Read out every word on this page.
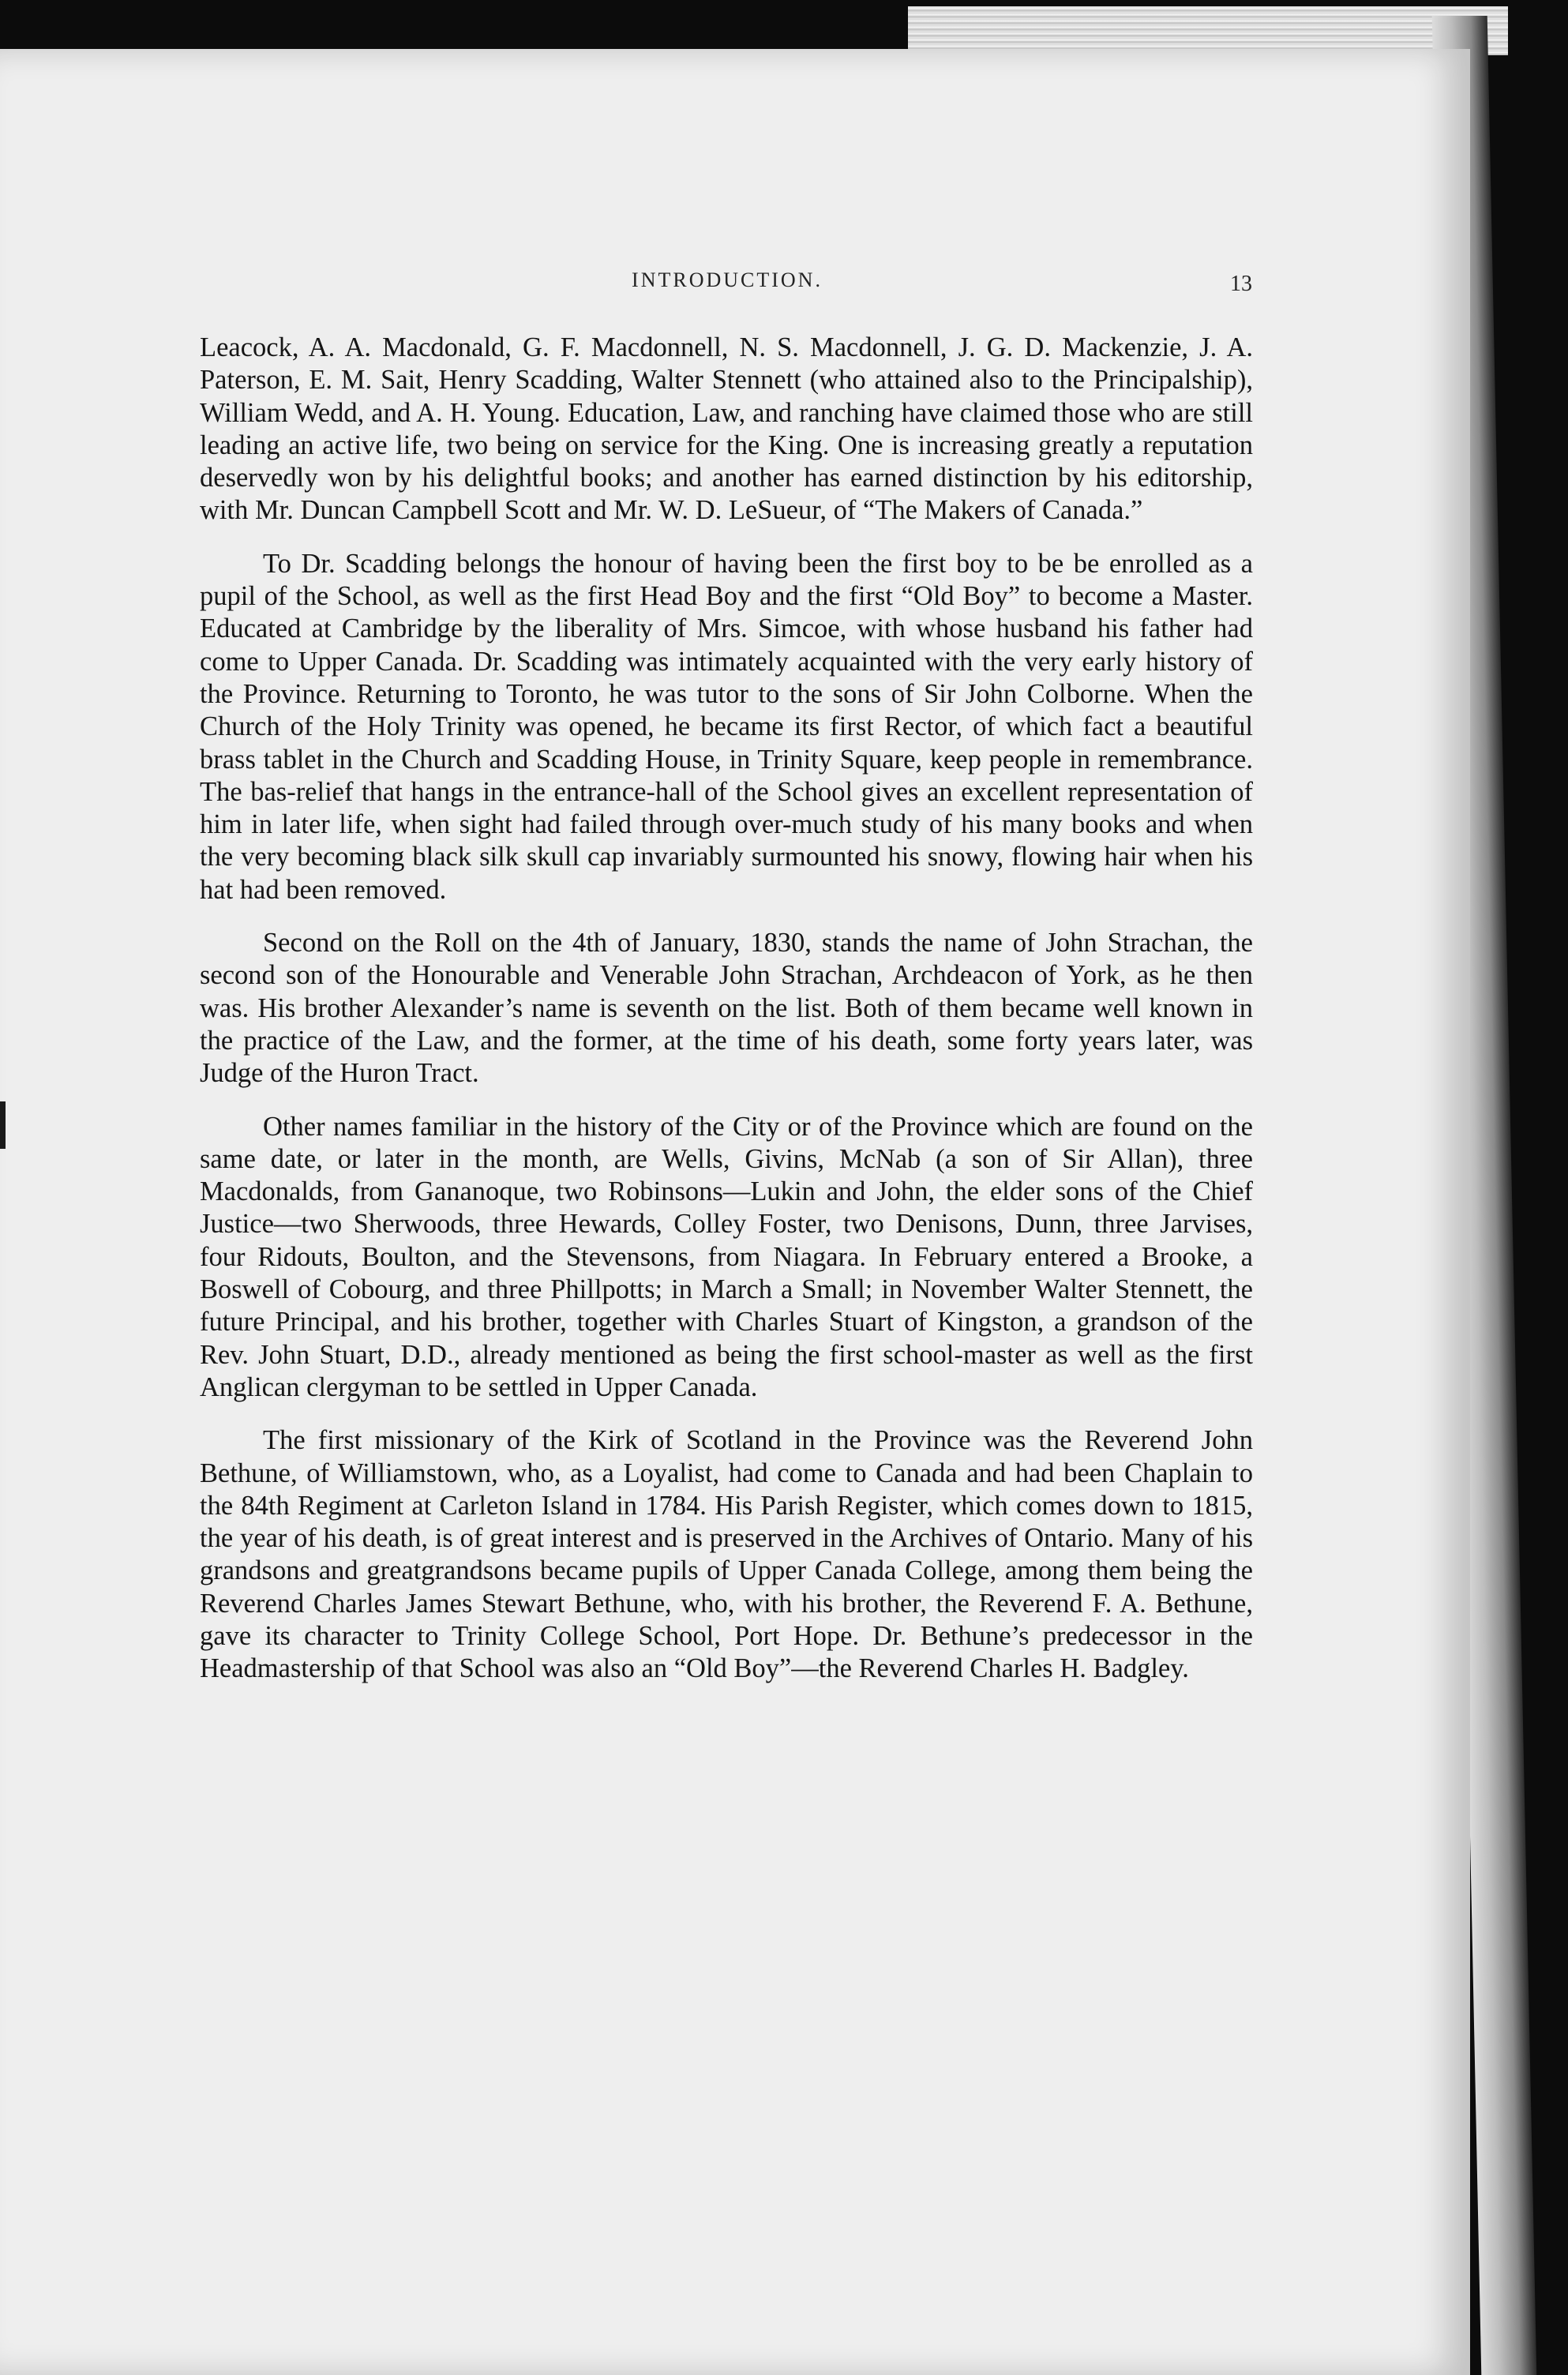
INTRODUCTION.	13

Leacock, A. A. Macdonald, G. F. Macdonnell, N. S. Macdonnell, J. G. D. Mackenzie, J. A. Paterson, E. M. Sait, Henry Scadding, Walter Stennett (who attained also to the Principalship), William Wedd, and A. H. Young. Education, Law, and ranching have claimed those who are still leading an active life, two being on service for the King. One is increasing greatly a reputation deservedly won by his delightful books; and another has earned distinction by his editorship, with Mr. Duncan Campbell Scott and Mr. W. D. LeSueur, of “The Makers of Canada.”

To Dr. Scadding belongs the honour of having been the first boy to be be enrolled as a pupil of the School, as well as the first Head Boy and the first “Old Boy” to become a Master. Educated at Cambridge by the liberality of Mrs. Simcoe, with whose husband his father had come to Upper Canada. Dr. Scadding was intimately acquainted with the very early history of the Province. Returning to Toronto, he was tutor to the sons of Sir John Colborne. When the Church of the Holy Trinity was opened, he became its first Rector, of which fact a beautiful brass tablet in the Church and Scadding House, in Trinity Square, keep people in remembrance. The bas-relief that hangs in the entrance-hall of the School gives an excellent representation of him in later life, when sight had failed through over-much study of his many books and when the very becoming black silk skull cap invariably surmounted his snowy, flowing hair when his hat had been removed.

Second on the Roll on the 4th of January, 1830, stands the name of John Strachan, the second son of the Honourable and Venerable John Strachan, Archdeacon of York, as he then was. His brother Alexander’s name is seventh on the list. Both of them became well known in the practice of the Law, and the former, at the time of his death, some forty years later, was Judge of the Huron Tract.

Other names familiar in the history of the City or of the Province which are found on the same date, or later in the month, are Wells, Givins, McNab (a son of Sir Allan), three Macdonalds, from Gananoque, two Robinsons—Lukin and John, the elder sons of the Chief Justice—two Sherwoods, three Hewards, Colley Foster, two Denisons, Dunn, three Jarvises, four Ridouts, Boulton, and the Stevensons, from Niagara. In February entered a Brooke, a Boswell of Cobourg, and three Phillpotts; in March a Small; in November Walter Stennett, the future Principal, and his brother, together with Charles Stuart of Kingston, a grandson of the Rev. John Stuart, D.D., already mentioned as being the first school-master as well as the first Anglican clergyman to be settled in Upper Canada.

The first missionary of the Kirk of Scotland in the Province was the Reverend John Bethune, of Williamstown, who, as a Loyalist, had come to Canada and had been Chaplain to the 84th Regiment at Carleton Island in 1784. His Parish Register, which comes down to 1815, the year of his death, is of great interest and is preserved in the Archives of Ontario. Many of his grandsons and greatgrandsons became pupils of Upper Canada College, among them being the Reverend Charles James Stewart Bethune, who, with his brother, the Reverend F. A. Bethune, gave its character to Trinity College School, Port Hope. Dr. Bethune’s predecessor in the Headmastership of that School was also an “Old Boy”—the Reverend Charles H. Badgley.
